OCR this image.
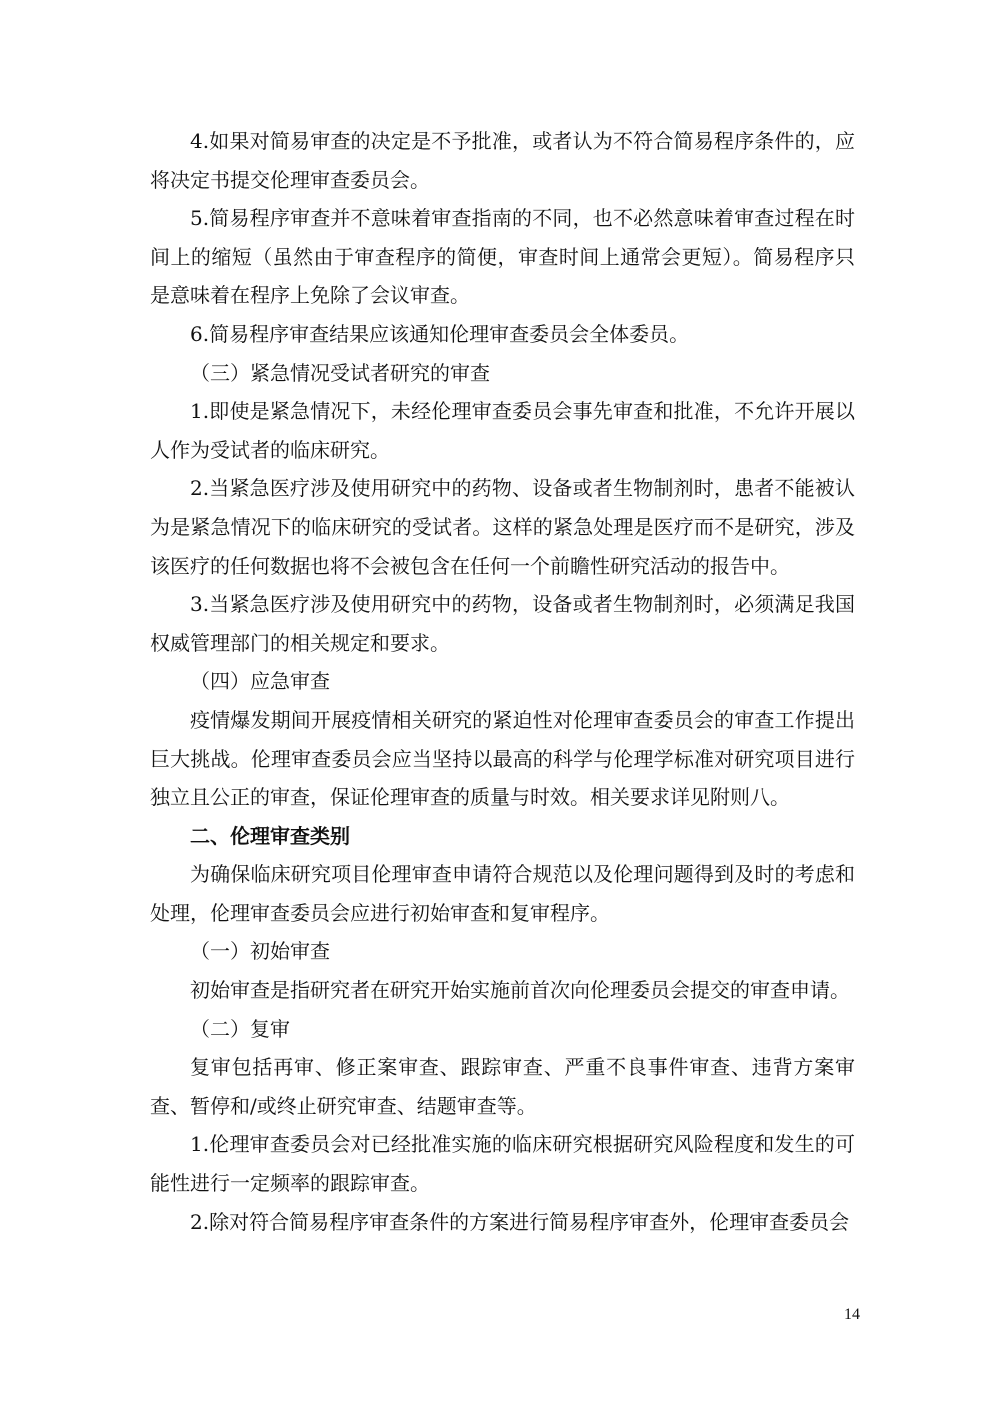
4.如果对简易审查的决定是不予批准，或者认为不符合简易程序条件的，应将决定书提交伦理审查委员会。

5.简易程序审查并不意味着审查指南的不同，也不必然意味着审查过程在时间上的缩短（虽然由于审查程序的简便，审查时间上通常会更短）。简易程序只是意味着在程序上免除了会议审查。

6.简易程序审查结果应该通知伦理审查委员会全体委员。

（三）紧急情况受试者研究的审查

1.即使是紧急情况下，未经伦理审查委员会事先审查和批准，不允许开展以人作为受试者的临床研究。

2.当紧急医疗涉及使用研究中的药物、设备或者生物制剂时，患者不能被认为是紧急情况下的临床研究的受试者。这样的紧急处理是医疗而不是研究，涉及该医疗的任何数据也将不会被包含在任何一个前瞻性研究活动的报告中。

3.当紧急医疗涉及使用研究中的药物，设备或者生物制剂时，必须满足我国权威管理部门的相关规定和要求。

（四）应急审查

疫情爆发期间开展疫情相关研究的紧迫性对伦理审查委员会的审查工作提出巨大挑战。伦理审查委员会应当坚持以最高的科学与伦理学标准对研究项目进行独立且公正的审查，保证伦理审查的质量与时效。相关要求详见附则八。

二、伦理审查类别

为确保临床研究项目伦理审查申请符合规范以及伦理问题得到及时的考虑和处理，伦理审查委员会应进行初始审查和复审程序。

（一）初始审查

初始审查是指研究者在研究开始实施前首次向伦理委员会提交的审查申请。

（二）复审

复审包括再审、修正案审查、跟踪审查、严重不良事件审查、违背方案审查、暂停和/或终止研究审查、结题审查等。

1.伦理审查委员会对已经批准实施的临床研究根据研究风险程度和发生的可能性进行一定频率的跟踪审查。

2.除对符合简易程序审查条件的方案进行简易程序审查外，伦理审查委员会

14
